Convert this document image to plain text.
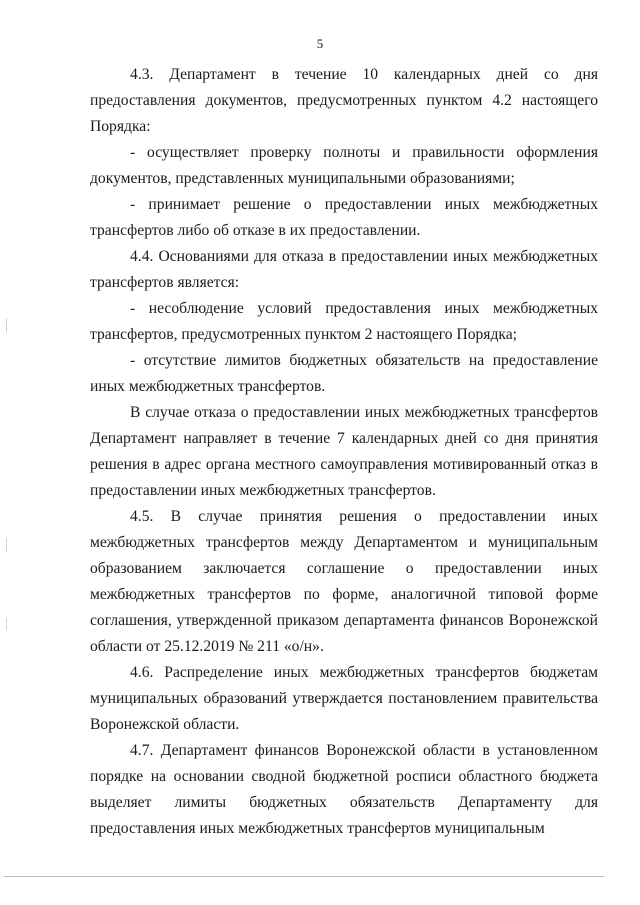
5

4.3. Департамент в течение 10 календарных дней со дня предоставления документов, предусмотренных пунктом 4.2 настоящего Порядка:

- осуществляет проверку полноты и правильности оформления документов, представленных муниципальными образованиями;

- принимает решение о предоставлении иных межбюджетных трансфертов либо об отказе в их предоставлении.

4.4. Основаниями для отказа в предоставлении иных межбюджетных трансфертов является:

- несоблюдение условий предоставления иных межбюджетных трансфертов, предусмотренных пунктом 2 настоящего Порядка;

- отсутствие лимитов бюджетных обязательств на предоставление иных межбюджетных трансфертов.

В случае отказа о предоставлении иных межбюджетных трансфертов Департамент направляет в течение 7 календарных дней со дня принятия решения в адрес органа местного самоуправления мотивированный отказ в предоставлении иных межбюджетных трансфертов.

4.5. В случае принятия решения о предоставлении иных межбюджетных трансфертов между Департаментом и муниципальным образованием заключается соглашение о предоставлении иных межбюджетных трансфертов по форме, аналогичной типовой форме соглашения, утвержденной приказом департамента финансов Воронежской области от 25.12.2019 № 211 «о/н».

4.6. Распределение иных межбюджетных трансфертов бюджетам муниципальных образований утверждается постановлением правительства Воронежской области.

4.7. Департамент финансов Воронежской области в установленном порядке на основании сводной бюджетной росписи областного бюджета выделяет лимиты бюджетных обязательств Департаменту для предоставления иных межбюджетных трансфертов муниципальным
